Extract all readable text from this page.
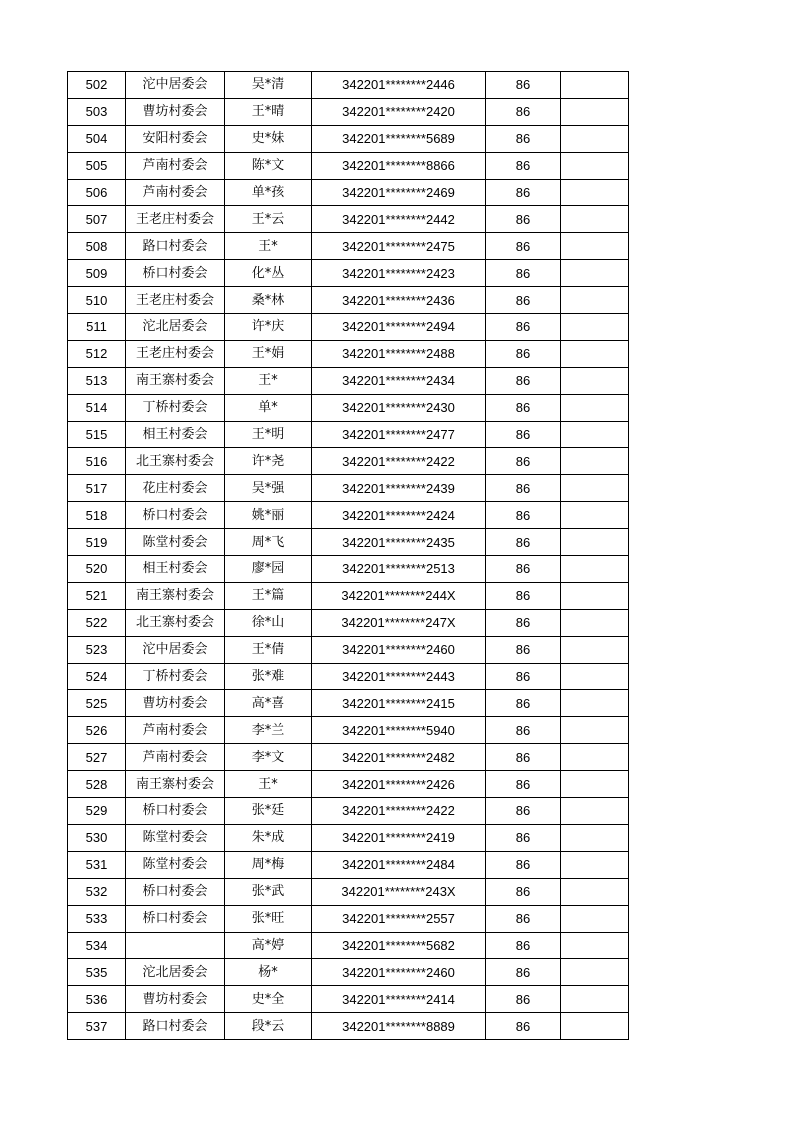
502	沱中居委会	吴*清	342201********2446	86	
503	曹坊村委会	王*晴	342201********2420	86	
504	安阳村委会	史*妹	342201********5689	86	
505	芦南村委会	陈*文	342201********8866	86	
506	芦南村委会	单*孩	342201********2469	86	
507	王老庄村委会	王*云	342201********2442	86	
508	路口村委会	王*	342201********2475	86	
509	桥口村委会	化*丛	342201********2423	86	
510	王老庄村委会	桑*林	342201********2436	86	
511	沱北居委会	许*庆	342201********2494	86	
512	王老庄村委会	王*娟	342201********2488	86	
513	南王寨村委会	王*	342201********2434	86	
514	丁桥村委会	单*	342201********2430	86	
515	相王村委会	王*明	342201********2477	86	
516	北王寨村委会	许*尧	342201********2422	86	
517	花庄村委会	吴*强	342201********2439	86	
518	桥口村委会	姚*丽	342201********2424	86	
519	陈堂村委会	周*飞	342201********2435	86	
520	相王村委会	廖*园	342201********2513	86	
521	南王寨村委会	王*篇	342201********244X	86	
522	北王寨村委会	徐*山	342201********247X	86	
523	沱中居委会	王*倩	342201********2460	86	
524	丁桥村委会	张*难	342201********2443	86	
525	曹坊村委会	高*喜	342201********2415	86	
526	芦南村委会	李*兰	342201********5940	86	
527	芦南村委会	李*文	342201********2482	86	
528	南王寨村委会	王*	342201********2426	86	
529	桥口村委会	张*廷	342201********2422	86	
530	陈堂村委会	朱*成	342201********2419	86	
531	陈堂村委会	周*梅	342201********2484	86	
532	桥口村委会	张*武	342201********243X	86	
533	桥口村委会	张*旺	342201********2557	86	
534		高*婷	342201********5682	86	
535	沱北居委会	杨*	342201********2460	86	
536	曹坊村委会	史*全	342201********2414	86	
537	路口村委会	段*云	342201********8889	86	
